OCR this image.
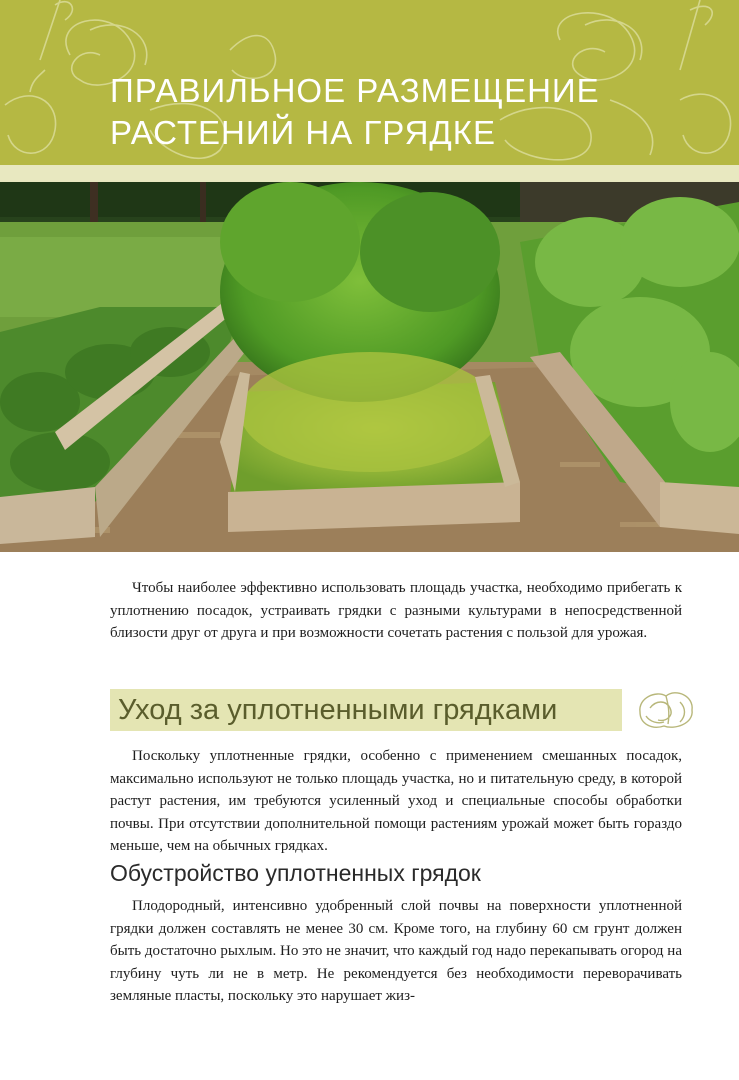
ПРАВИЛЬНОЕ РАЗМЕЩЕНИЕ
РАСТЕНИЙ НА ГРЯДКЕ

Чтобы наиболее эффективно использовать площадь участка, необходимо прибегать к уплотнению посадок, устраивать грядки с разными культурами в непосредственной близости друг от друга и при возможности сочетать растения с пользой для урожая.

Уход за уплотненными грядками

Поскольку уплотненные грядки, особенно с применением смешанных посадок, максимально используют не только площадь участка, но и питательную среду, в которой растут растения, им требуются усиленный уход и специальные способы обработки почвы. При отсутствии дополнительной помощи растениям урожай может быть гораздо меньше, чем на обычных грядках.

Обустройство уплотненных грядок

Плодородный, интенсивно удобренный слой почвы на поверхности уплотненной грядки должен составлять не менее 30 см. Кроме того, на глубину 60 см грунт должен быть достаточно рыхлым. Но это не значит, что каждый год надо перекапывать огород на глубину чуть ли не в метр. Не рекомендуется без необходимости переворачивать земляные пласты, поскольку это нарушает жиз-
